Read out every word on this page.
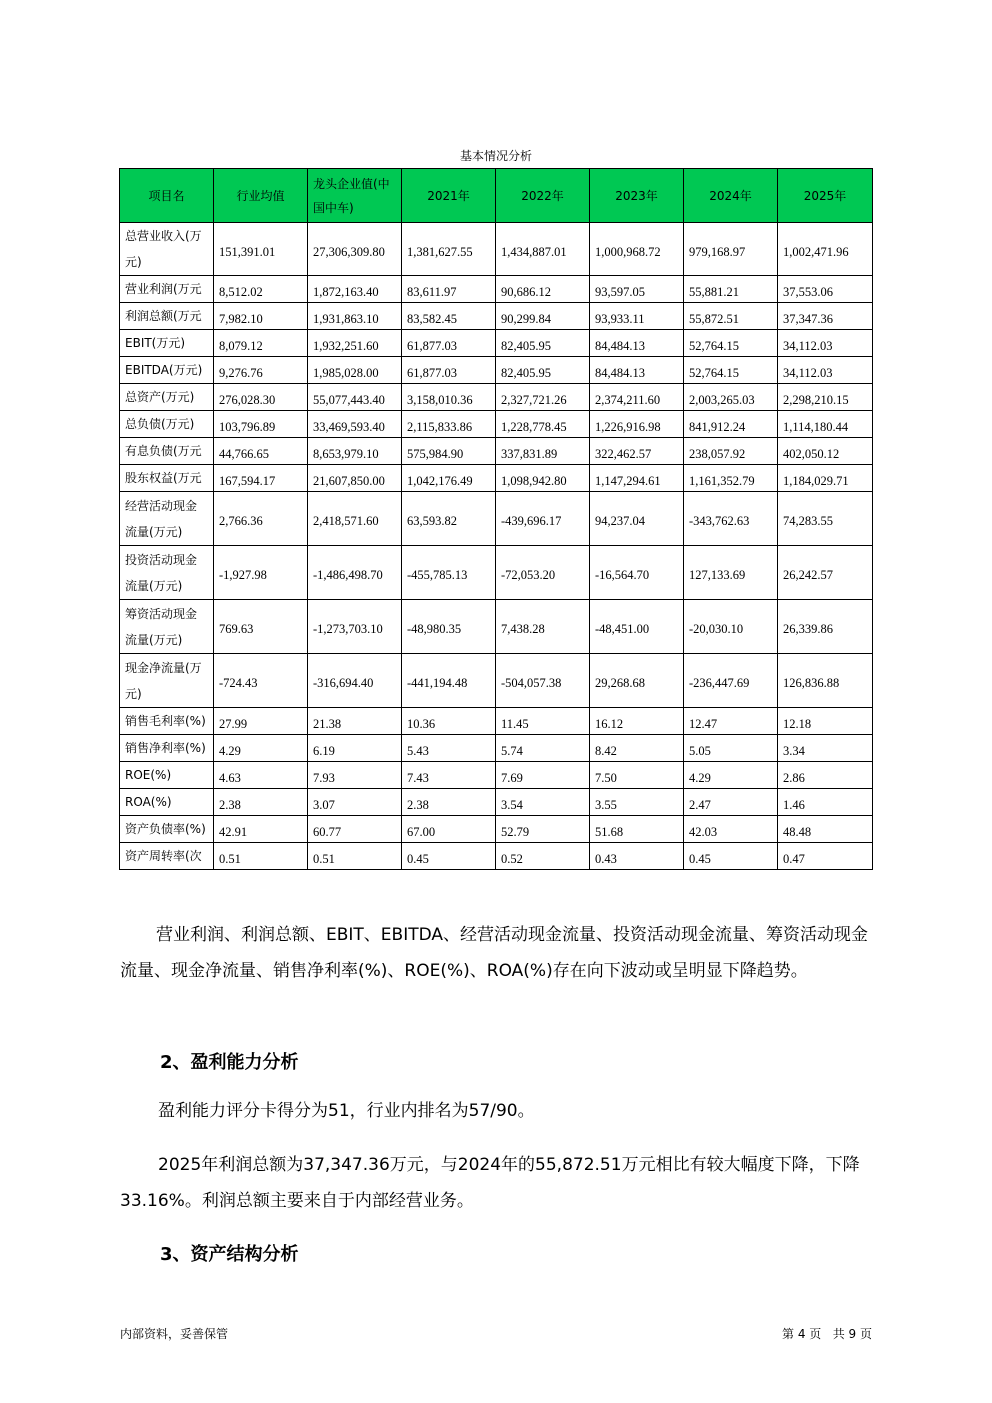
基本情况分析
项目名	行业均值	龙头企业值(中国中车)	2021年	2022年	2023年	2024年	2025年
总营业收入(万元)	151,391.01	27,306,309.80	1,381,627.55	1,434,887.01	1,000,968.72	979,168.97	1,002,471.96
营业利润(万元	8,512.02	1,872,163.40	83,611.97	90,686.12	93,597.05	55,881.21	37,553.06
利润总额(万元	7,982.10	1,931,863.10	83,582.45	90,299.84	93,933.11	55,872.51	37,347.36
EBIT(万元)	8,079.12	1,932,251.60	61,877.03	82,405.95	84,484.13	52,764.15	34,112.03
EBITDA(万元)	9,276.76	1,985,028.00	61,877.03	82,405.95	84,484.13	52,764.15	34,112.03
总资产(万元)	276,028.30	55,077,443.40	3,158,010.36	2,327,721.26	2,374,211.60	2,003,265.03	2,298,210.15
总负债(万元)	103,796.89	33,469,593.40	2,115,833.86	1,228,778.45	1,226,916.98	841,912.24	1,114,180.44
有息负债(万元	44,766.65	8,653,979.10	575,984.90	337,831.89	322,462.57	238,057.92	402,050.12
股东权益(万元	167,594.17	21,607,850.00	1,042,176.49	1,098,942.80	1,147,294.61	1,161,352.79	1,184,029.71
经营活动现金流量(万元)	2,766.36	2,418,571.60	63,593.82	-439,696.17	94,237.04	-343,762.63	74,283.55
投资活动现金流量(万元)	-1,927.98	-1,486,498.70	-455,785.13	-72,053.20	-16,564.70	127,133.69	26,242.57
筹资活动现金流量(万元)	769.63	-1,273,703.10	-48,980.35	7,438.28	-48,451.00	-20,030.10	26,339.86
现金净流量(万元)	-724.43	-316,694.40	-441,194.48	-504,057.38	29,268.68	-236,447.69	126,836.88
销售毛利率(%)	27.99	21.38	10.36	11.45	16.12	12.47	12.18
销售净利率(%)	4.29	6.19	5.43	5.74	8.42	5.05	3.34
ROE(%)	4.63	7.93	7.43	7.69	7.50	4.29	2.86
ROA(%)	2.38	3.07	2.38	3.54	3.55	2.47	1.46
资产负债率(%)	42.91	60.77	67.00	52.79	51.68	42.03	48.48
资产周转率(次	0.51	0.51	0.45	0.52	0.43	0.45	0.47
营业利润、利润总额、EBIT、EBITDA、经营活动现金流量、投资活动现金流量、筹资活动现金流量、现金净流量、销售净利率(%)、ROE(%)、ROA(%)存在向下波动或呈明显下降趋势。
2、盈利能力分析
盈利能力评分卡得分为51，行业内排名为57/90。
2025年利润总额为37,347.36万元，与2024年的55,872.51万元相比有较大幅度下降，下降33.16%。利润总额主要来自于内部经营业务。
3、资产结构分析
内部资料，妥善保管	第 4 页   共 9 页
